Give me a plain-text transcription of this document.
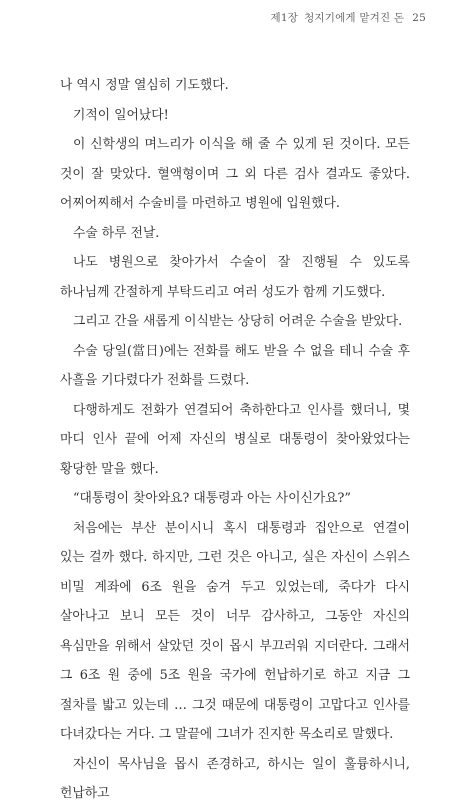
제1장 청지기에게 맡겨진 돈 25

나 역시 정말 열심히 기도했다.

기적이 일어났다!

이 신학생의 며느리가 이식을 해 줄 수 있게 된 것이다. 모든 것이 잘 맞았다. 혈액형이며 그 외 다른 검사 결과도 좋았다. 어찌어찌해서 수술비를 마련하고 병원에 입원했다.

수술 하루 전날.

나도 병원으로 찾아가서 수술이 잘 진행될 수 있도록 하나님께 간절하게 부탁드리고 여러 성도가 함께 기도했다.

그리고 간을 새롭게 이식받는 상당히 어려운 수술을 받았다.

수술 당일(當日)에는 전화를 해도 받을 수 없을 테니 수술 후 사흘을 기다렸다가 전화를 드렸다.

다행하게도 전화가 연결되어 축하한다고 인사를 했더니, 몇 마디 인사 끝에 어제 자신의 병실로 대통령이 찾아왔었다는 황당한 말을 했다.

“대통령이 찾아와요? 대통령과 아는 사이신가요?”

처음에는 부산 분이시니 혹시 대통령과 집안으로 연결이 있는 걸까 했다. 하지만, 그런 것은 아니고, 실은 자신이 스위스 비밀 계좌에 6조 원을 숨겨 두고 있었는데, 죽다가 다시 살아나고 보니 모든 것이 너무 감사하고, 그동안 자신의 욕심만을 위해서 살았던 것이 몹시 부끄러워 지더란다. 그래서 그 6조 원 중에 5조 원을 국가에 헌납하기로 하고 지금 그 절차를 밟고 있는데 … 그것 때문에 대통령이 고맙다고 인사를 다녀갔다는 거다. 그 말끝에 그녀가 진지한 목소리로 말했다.

자신이 목사님을 몹시 존경하고, 하시는 일이 훌륭하시니, 헌납하고
